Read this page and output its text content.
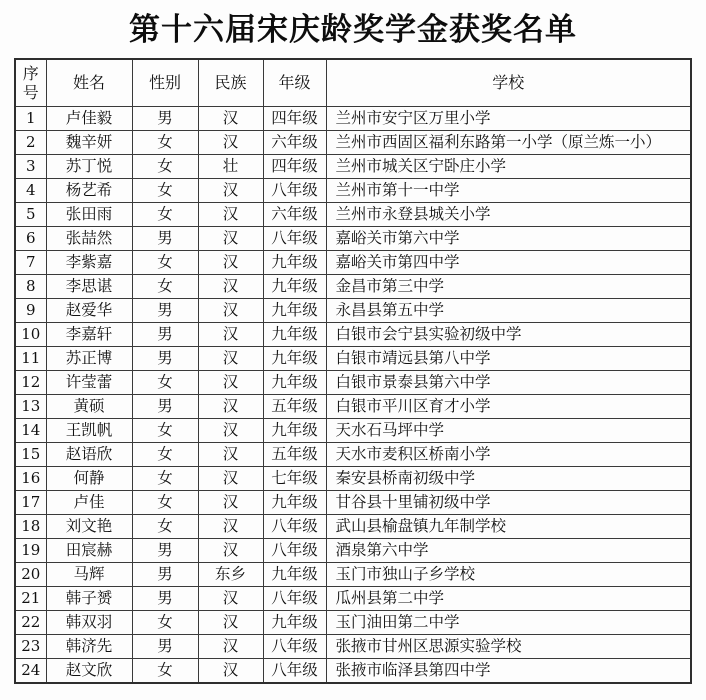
第十六届宋庆龄奖学金获奖名单
序号	姓名	性别	民族	年级	学校
1	卢佳毅	男	汉	四年级	兰州市安宁区万里小学
2	魏辛妍	女	汉	六年级	兰州市西固区福利东路第一小学（原兰炼一小）
3	苏丁悦	女	壮	四年级	兰州市城关区宁卧庄小学
4	杨艺希	女	汉	八年级	兰州市第十一中学
5	张田雨	女	汉	六年级	兰州市永登县城关小学
6	张喆然	男	汉	八年级	嘉峪关市第六中学
7	李紫嘉	女	汉	九年级	嘉峪关市第四中学
8	李思谌	女	汉	九年级	金昌市第三中学
9	赵爱华	男	汉	九年级	永昌县第五中学
10	李嘉轩	男	汉	九年级	白银市会宁县实验初级中学
11	苏正博	男	汉	九年级	白银市靖远县第八中学
12	许莹蕾	女	汉	九年级	白银市景泰县第六中学
13	黄硕	男	汉	五年级	白银市平川区育才小学
14	王凯帆	女	汉	九年级	天水石马坪中学
15	赵语欣	女	汉	五年级	天水市麦积区桥南小学
16	何静	女	汉	七年级	秦安县桥南初级中学
17	卢佳	女	汉	九年级	甘谷县十里铺初级中学
18	刘文艳	女	汉	八年级	武山县榆盘镇九年制学校
19	田宸赫	男	汉	八年级	酒泉第六中学
20	马辉	男	东乡	九年级	玉门市独山子乡学校
21	韩子赟	男	汉	八年级	瓜州县第二中学
22	韩双羽	女	汉	九年级	玉门油田第二中学
23	韩济先	男	汉	八年级	张掖市甘州区思源实验学校
24	赵文欣	女	汉	八年级	张掖市临泽县第四中学
